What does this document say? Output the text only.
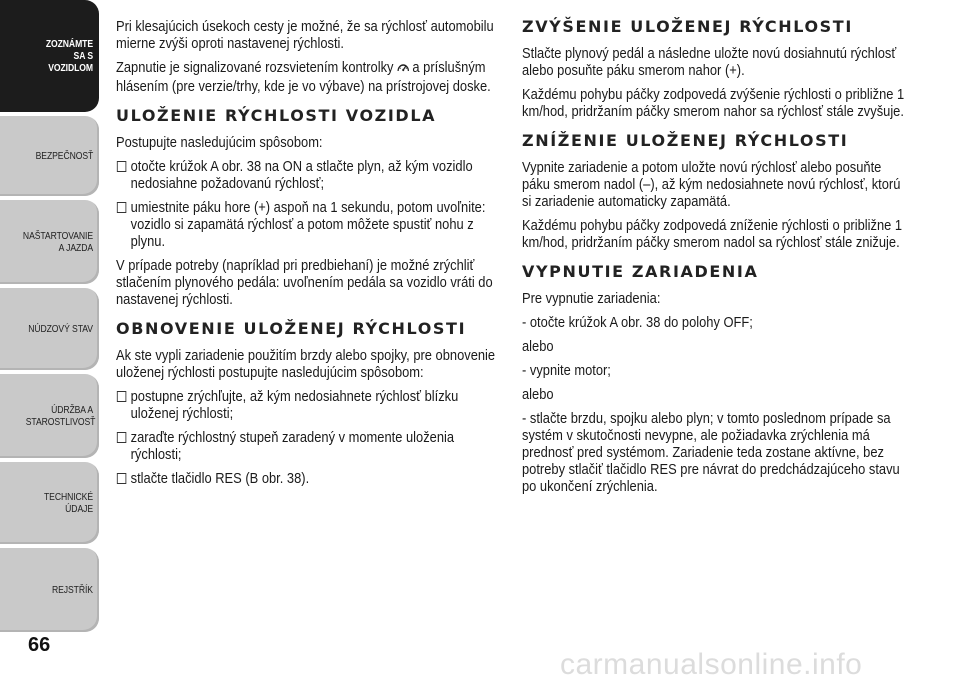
ZOZNÁMTE SA S VOZIDLOM
BEZPEČNOSŤ
NAŠTARTOVANIE A JAZDA
NÚDZOVÝ STAV
ÚDRŽBA A STAROSTLIVOSŤ
TECHNICKÉ ÚDAJE
REJSTŘÍK
66

Pri klesajúcich úsekoch cesty je možné, že sa rýchlosť automobilu mierne zvýši oproti nastavenej rýchlosti.

Zapnutie je signalizované rozsvietením kontrolky a príslušným hlásením (pre verzie/trhy, kde je vo výbave) na prístrojovej doske.

ULOŽENIE RÝCHLOSTI VOZIDLA

Postupujte nasledujúcim spôsobom:

otočte krúžok A obr. 38 na ON a stlačte plyn, až kým vozidlo nedosiahne požadovanú rýchlosť;
umiestnite páku hore (+) aspoň na 1 sekundu, potom uvoľnite: vozidlo si zapamätá rýchlosť a potom môžete spustiť nohu z plynu.

V prípade potreby (napríklad pri predbiehaní) je možné zrýchliť stlačením plynového pedála: uvoľnením pedála sa vozidlo vráti do nastavenej rýchlosti.

OBNOVENIE ULOŽENEJ RÝCHLOSTI

Ak ste vypli zariadenie použitím brzdy alebo spojky, pre obnovenie uloženej rýchlosti postupujte nasledujúcim spôsobom:

postupne zrýchľujte, až kým nedosiahnete rýchlosť blízku uloženej rýchlosti;
zaraďte rýchlostný stupeň zaradený v momente uloženia rýchlosti;
stlačte tlačidlo RES (B obr. 38).
ZVÝŠENIE ULOŽENEJ RÝCHLOSTI

Stlačte plynový pedál a následne uložte novú dosiahnutú rýchlosť alebo posuňte páku smerom nahor (+).

Každému pohybu páčky zodpovedá zvýšenie rýchlosti o približne 1 km/hod, pridržaním páčky smerom nahor sa rýchlosť stále zvyšuje.

ZNÍŽENIE ULOŽENEJ RÝCHLOSTI

Vypnite zariadenie a potom uložte novú rýchlosť alebo posuňte páku smerom nadol (–), až kým nedosiahnete novú rýchlosť, ktorú si zariadenie automaticky zapamätá.

Každému pohybu páčky zodpovedá zníženie rýchlosti o približne 1 km/hod, pridržaním páčky smerom nadol sa rýchlosť stále znižuje.

VYPNUTIE ZARIADENIA

Pre vypnutie zariadenia:

- otočte krúžok A obr. 38 do polohy OFF;

alebo

- vypnite motor;

alebo

- stlačte brzdu, spojku alebo plyn; v tomto poslednom prípade sa systém v skutočnosti nevypne, ale požiadavka zrýchlenia má prednosť pred systémom. Zariadenie teda zostane aktívne, bez potreby stlačiť tlačidlo RES pre návrat do predchádzajúceho stavu po ukončení zrýchlenia.

carmanualsonline.info
